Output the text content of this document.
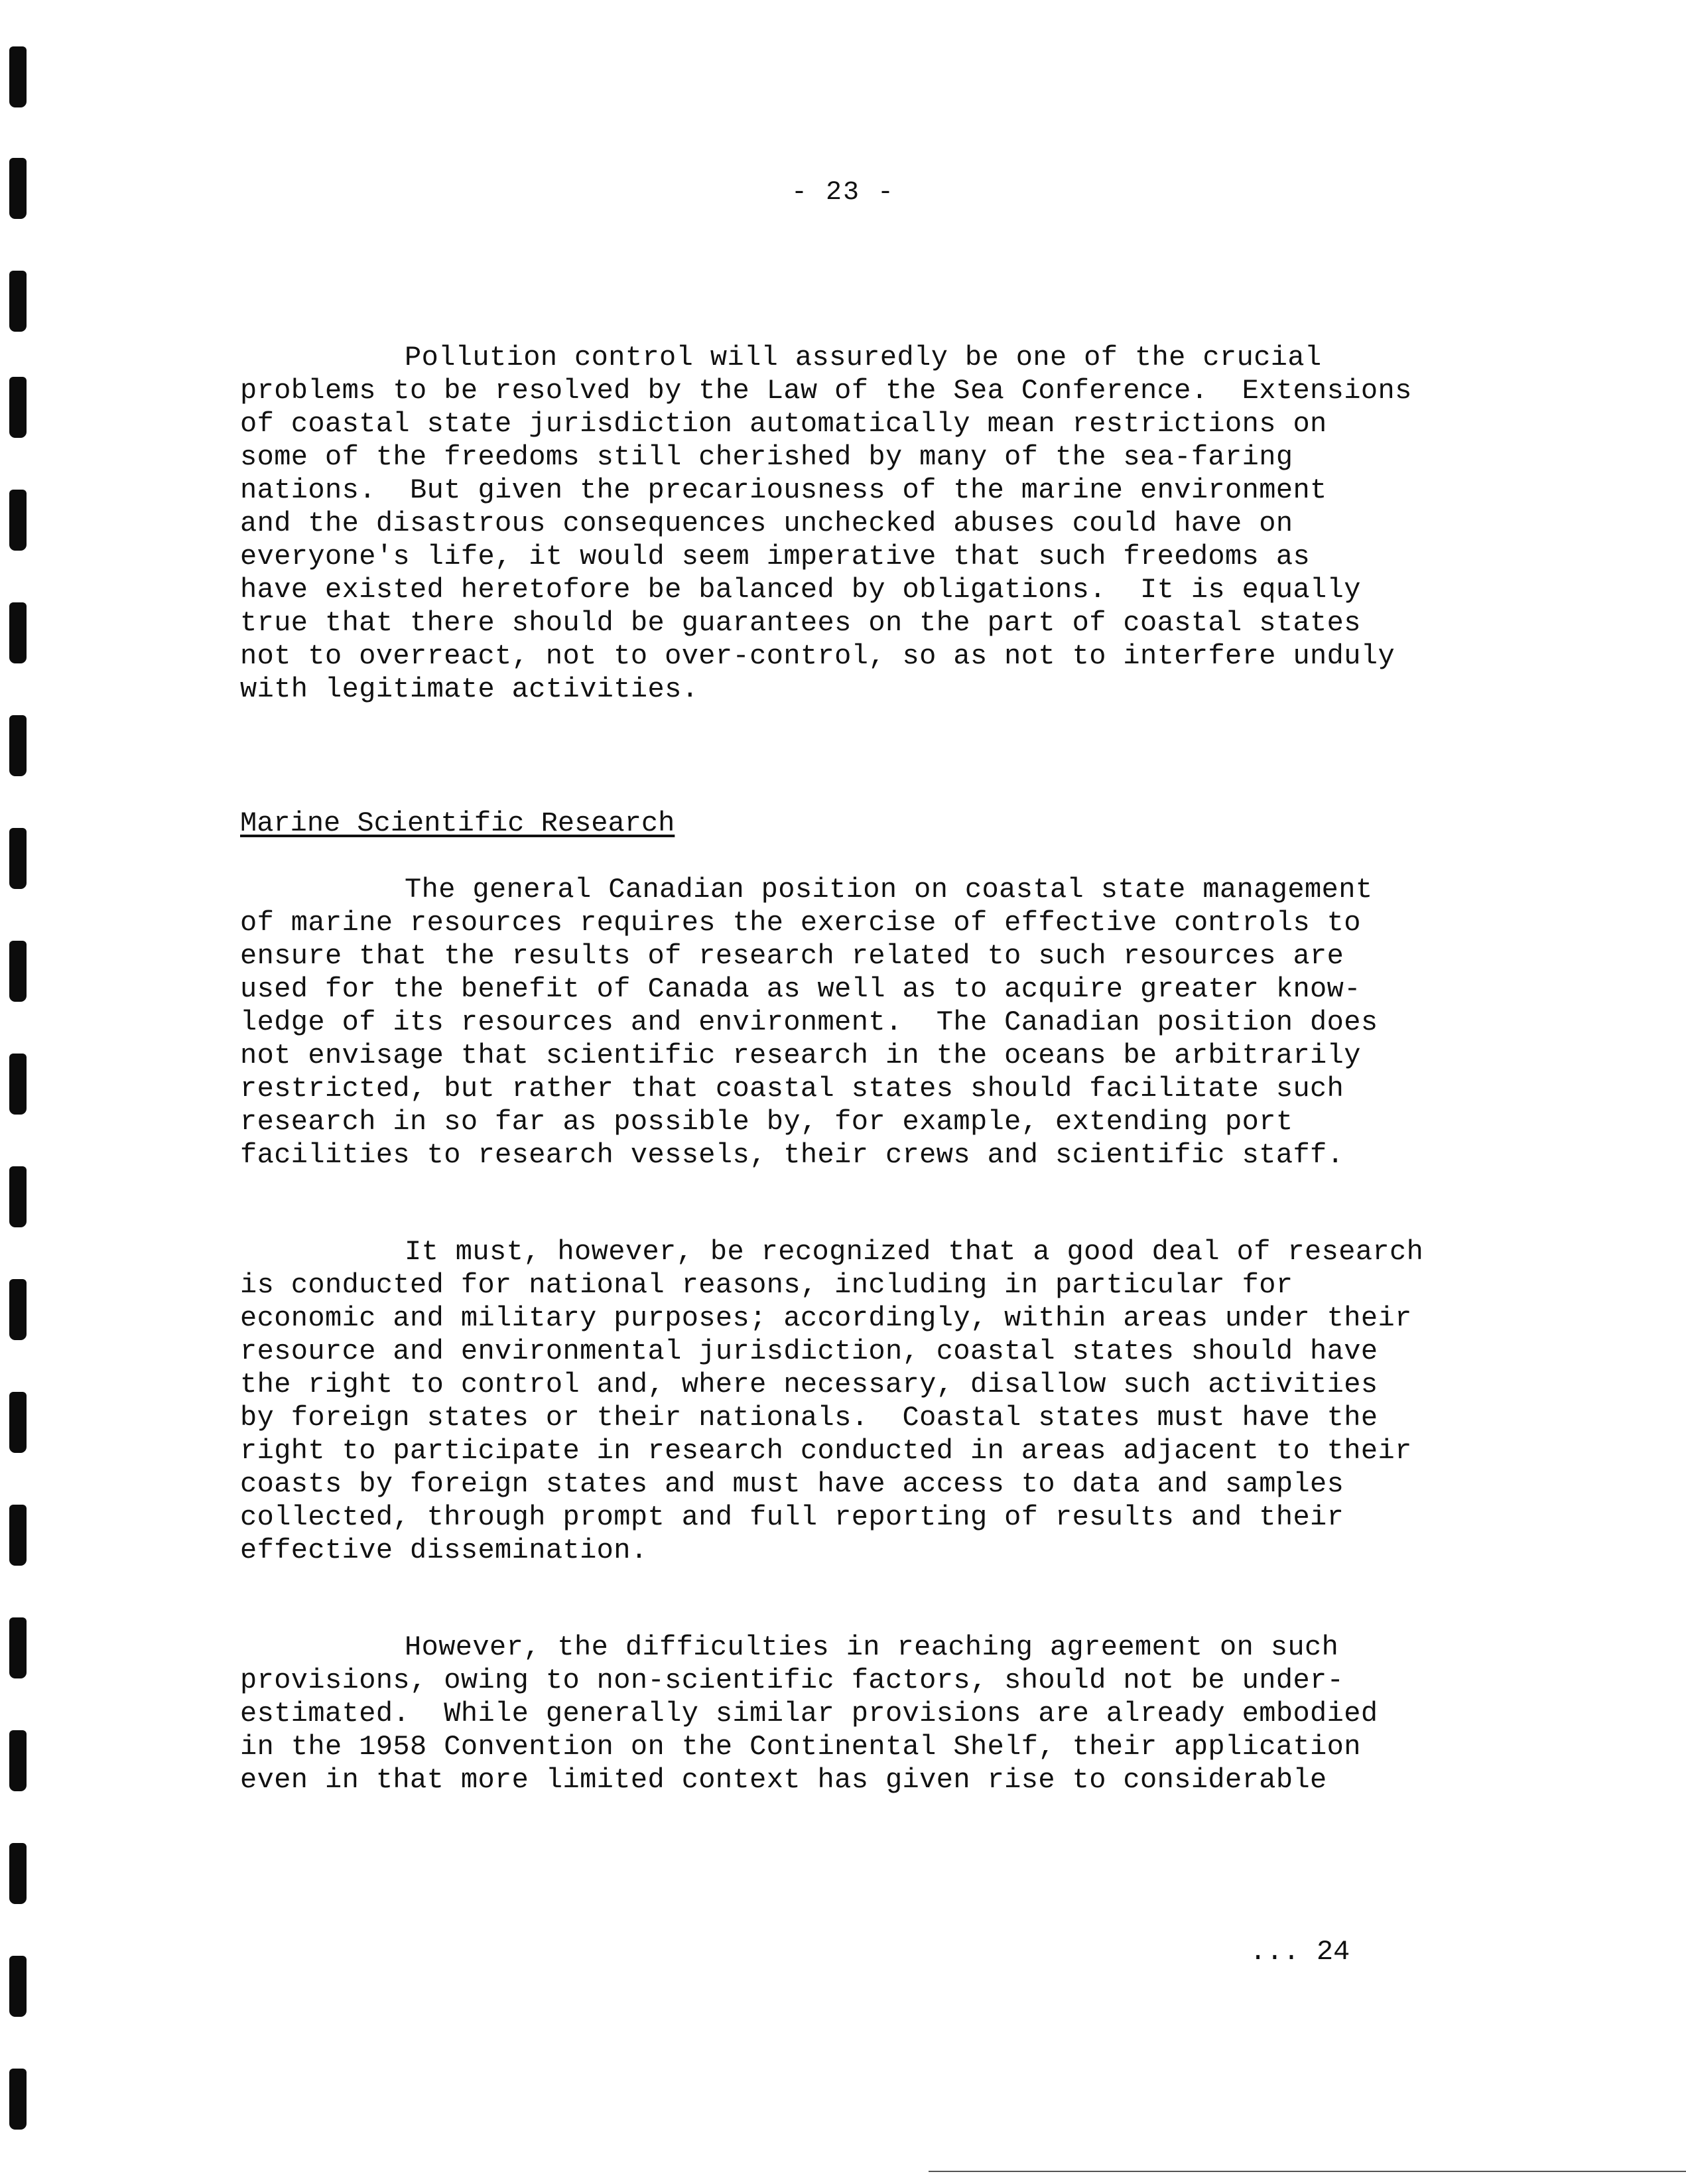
- 23 -
Pollution control will assuredly be one of the crucial
problems to be resolved by the Law of the Sea Conference.  Extensions
of coastal state jurisdiction automatically mean restrictions on
some of the freedoms still cherished by many of the sea-faring
nations.  But given the precariousness of the marine environment
and the disastrous consequences unchecked abuses could have on
everyone's life, it would seem imperative that such freedoms as
have existed heretofore be balanced by obligations.  It is equally
true that there should be guarantees on the part of coastal states
not to overreact, not to over-control, so as not to interfere unduly
with legitimate activities.
Marine Scientific Research
The general Canadian position on coastal state management
of marine resources requires the exercise of effective controls to
ensure that the results of research related to such resources are
used for the benefit of Canada as well as to acquire greater know-
ledge of its resources and environment.  The Canadian position does
not envisage that scientific research in the oceans be arbitrarily
restricted, but rather that coastal states should facilitate such
research in so far as possible by, for example, extending port
facilities to research vessels, their crews and scientific staff.
It must, however, be recognized that a good deal of research
is conducted for national reasons, including in particular for
economic and military purposes; accordingly, within areas under their
resource and environmental jurisdiction, coastal states should have
the right to control and, where necessary, disallow such activities
by foreign states or their nationals.  Coastal states must have the
right to participate in research conducted in areas adjacent to their
coasts by foreign states and must have access to data and samples
collected, through prompt and full reporting of results and their
effective dissemination.
However, the difficulties in reaching agreement on such
provisions, owing to non-scientific factors, should not be under-
estimated.  While generally similar provisions are already embodied
in the 1958 Convention on the Continental Shelf, their application
even in that more limited context has given rise to considerable
... 24
